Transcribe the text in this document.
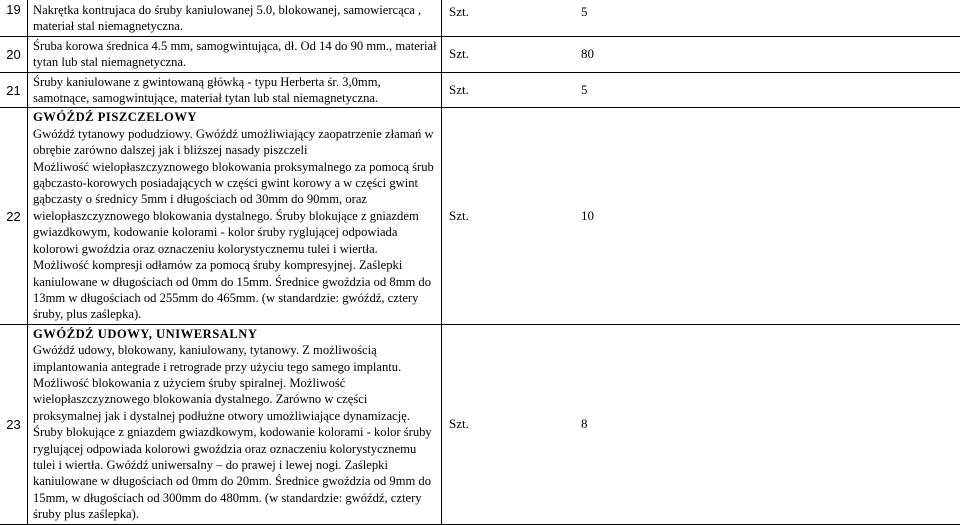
19	Nakrętka kontrujaca do śruby kaniulowanej 5.0, blokowanej, samowiercąca , materiał stal niemagnetyczna.	Szt.	5
20	Śruba korowa średnica 4.5 mm, samogwintująca, dł. Od 14 do 90 mm., materiał tytan lub stal niemagnetyczna.	Szt.	80
21	Śruby kaniulowane z gwintowaną główką - typu Herberta śr. 3,0mm, samotnące, samogwintujące, materiał tytan lub stal niemagnetyczna.	Szt.	5
22	GWÓŹDŹ PISZCZELOWY
Gwóźdź tytanowy podudziowy. Gwóźdź umożliwiający zaopatrzenie złamań w obrębie zarówno dalszej jak i bliższej nasady piszczeli
Możliwość wielopłaszczyznowego blokowania proksymalnego za pomocą śrub gąbczasto-korowych posiadających w części gwint korowy a w części gwint gąbczasty o średnicy 5mm i długościach od 30mm do 90mm, oraz wielopłaszczyznowego blokowania dystalnego. Śruby blokujące z gniazdem gwiazdkowym, kodowanie kolorami - kolor śruby ryglującej odpowiada kolorowi gwoździa oraz oznaczeniu kolorystycznemu tulei i wiertła.
Możliwość kompresji odłamów za pomocą śruby kompresyjnej. Zaślepki kaniulowane w długościach od 0mm do 15mm. Średnice gwoździa od 8mm do 13mm w długościach od 255mm do 465mm. (w standardzie: gwóźdź, cztery śruby, plus zaślepka).	Szt.	10
23	GWÓŹDŹ UDOWY, UNIWERSALNY
Gwóźdź udowy, blokowany, kaniulowany, tytanowy. Z możliwością implantowania antegrade i retrograde przy użyciu tego samego implantu.
Możliwość blokowania z użyciem śruby spiralnej. Możliwość wielopłaszczyznowego blokowania dystalnego. Zarówno w części proksymalnej jak i dystalnej podłużne otwory umożliwiające dynamizację.
Śruby blokujące z gniazdem gwiazdkowym, kodowanie kolorami - kolor śruby ryglującej odpowiada kolorowi gwoździa oraz oznaczeniu kolorystycznemu tulei i wiertła. Gwóźdź uniwersalny – do prawej i lewej nogi. Zaślepki kaniulowane w długościach od 0mm do 20mm. Średnice gwoździa od 9mm do 15mm, w długościach od 300mm do 480mm. (w standardzie: gwóźdź, cztery śruby plus zaślepka).	Szt.	8
